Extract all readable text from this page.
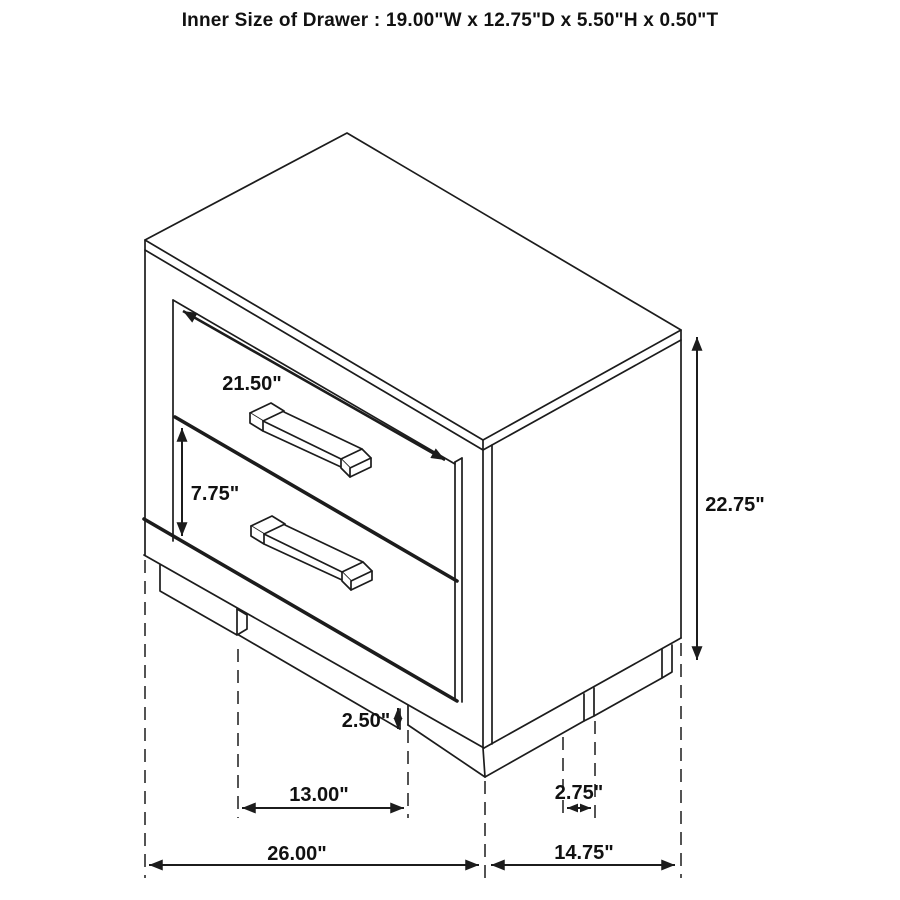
Inner Size of Drawer : 19.00"W x 12.75"D x 5.50"H x 0.50"T
21.50"
7.75"	22.75"
2.50"
13.00"	2.75"
26.00"	14.75"
